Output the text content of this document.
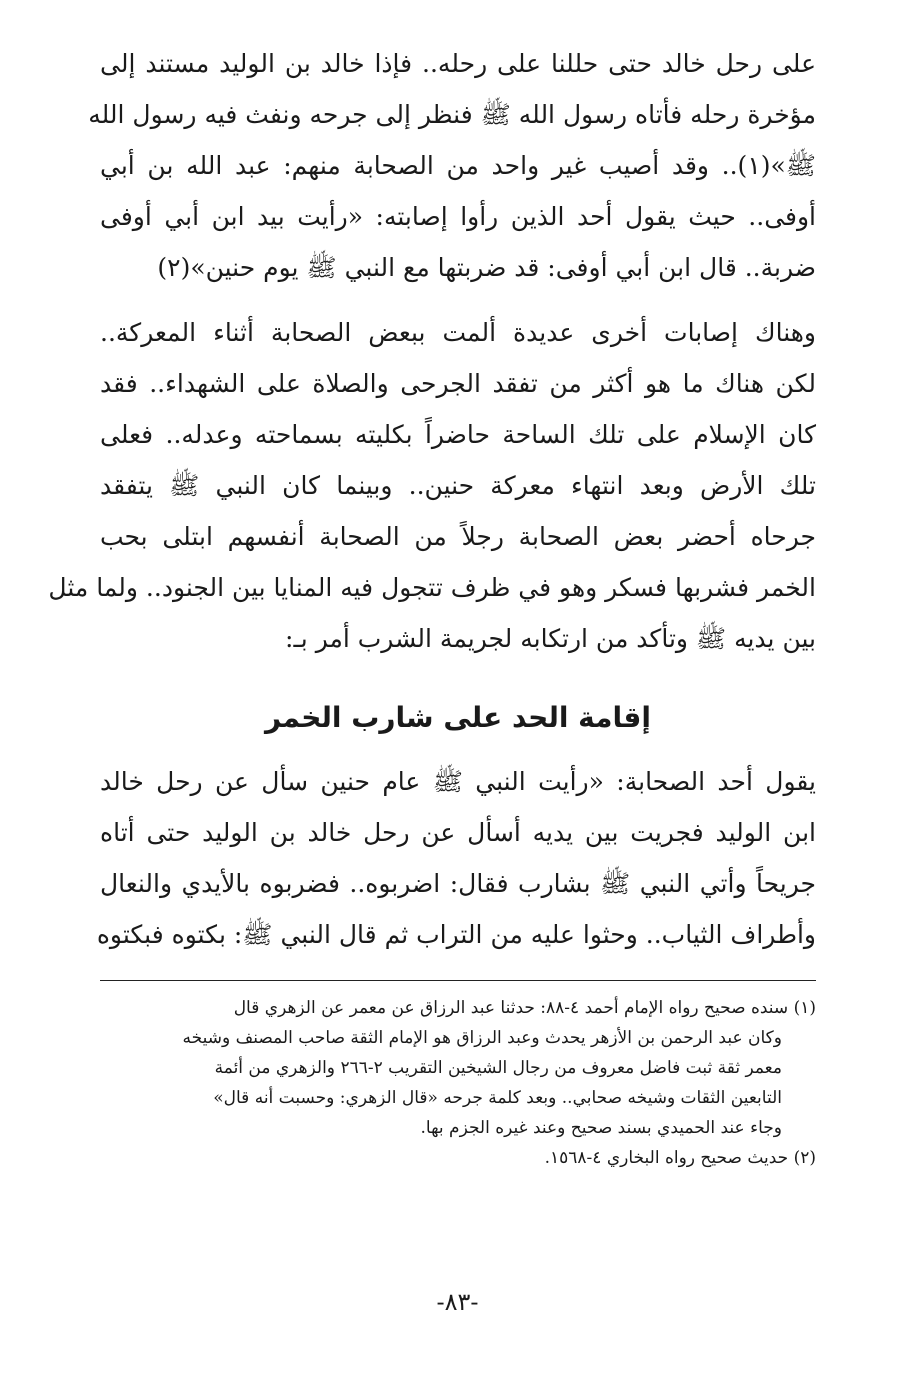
على رحل خالد حتى حللنا على رحله.. فإذا خالد بن الوليد مستند إلى
مؤخرة رحله فأتاه رسول الله ﷺ فنظر إلى جرحه ونفث فيه رسول الله
ﷺ»(١).. وقد أصيب غير واحد من الصحابة منهم: عبد الله بن أبي
أوفى.. حيث يقول أحد الذين رأوا إصابته: «رأيت بيد ابن أبي أوفى
ضربة.. قال ابن أبي أوفى: قد ضربتها مع النبي ﷺ يوم حنين»(٢)

وهناك إصابات أخرى عديدة ألمت ببعض الصحابة أثناء المعركة..
لكن هناك ما هو أكثر من تفقد الجرحى والصلاة على الشهداء.. فقد
كان الإسلام على تلك الساحة حاضراً بكليته بسماحته وعدله.. فعلى
تلك الأرض وبعد انتهاء معركة حنين.. وبينما كان النبي ﷺ يتفقد
جرحاه أحضر بعض الصحابة رجلاً من الصحابة أنفسهم ابتلى بحب
الخمر فشربها فسكر وهو في ظرف تتجول فيه المنايا بين الجنود.. ولما مثل
بين يديه ﷺ وتأكد من ارتكابه لجريمة الشرب أمر بـ:

إقامة الحد على شارب الخمر

يقول أحد الصحابة: «رأيت النبي ﷺ عام حنين سأل عن رحل خالد
ابن الوليد فجريت بين يديه أسأل عن رحل خالد بن الوليد حتى أتاه
جريحاً وأتي النبي ﷺ بشارب فقال: اضربوه.. فضربوه بالأيدي والنعال
وأطراف الثياب.. وحثوا عليه من التراب ثم قال النبي ﷺ: بكتوه فبكتوه

(١) سنده صحيح رواه الإمام أحمد ٤-٨٨: حدثنا عبد الرزاق عن معمر عن الزهري قال
وكان عبد الرحمن بن الأزهر يحدث وعبد الرزاق هو الإمام الثقة صاحب المصنف وشيخه
معمر ثقة ثبت فاضل معروف من رجال الشيخين التقريب ٢-٢٦٦ والزهري من أئمة
التابعين الثقات وشيخه صحابي.. وبعد كلمة جرحه «قال الزهري: وحسبت أنه قال»
وجاء عند الحميدي بسند صحيح وعند غيره الجزم بها.
(٢) حديث صحيح رواه البخاري ٤-١٥٦٨.
-٨٣-
